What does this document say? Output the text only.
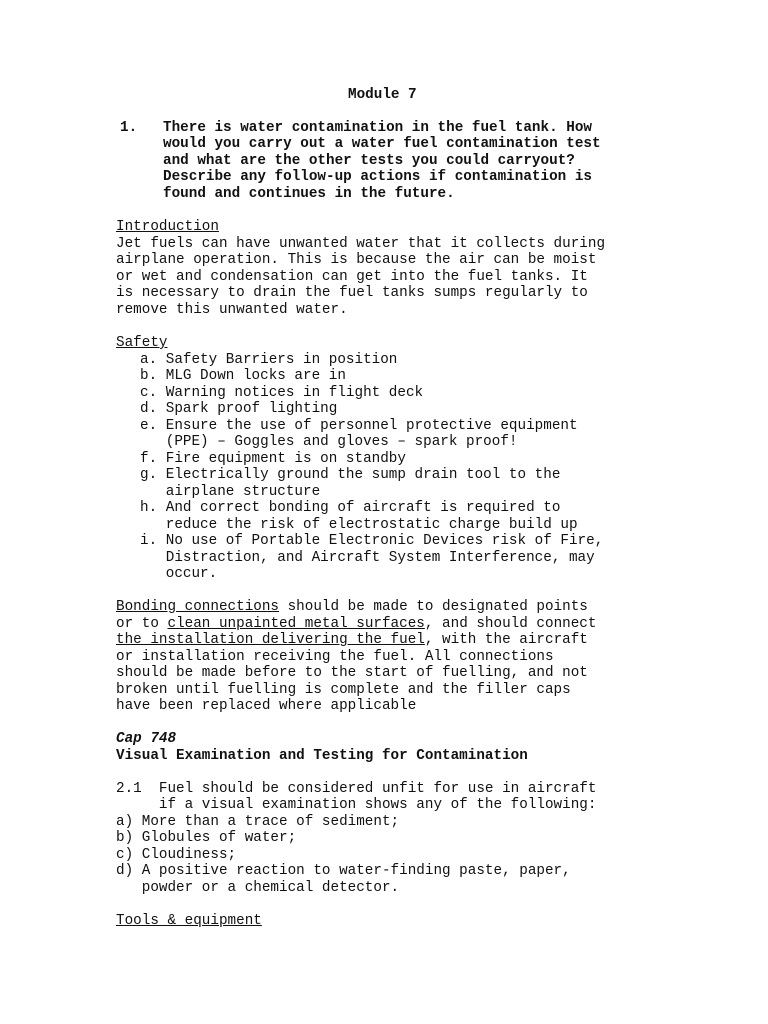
Module 7
1. There is water contamination in the fuel tank. How
would you carry out a water fuel contamination test
and what are the other tests you could carryout?
Describe any follow-up actions if contamination is
found and continues in the future.
Introduction
Jet fuels can have unwanted water that it collects during
airplane operation. This is because the air can be moist
or wet and condensation can get into the fuel tanks. It
is necessary to drain the fuel tanks sumps regularly to
remove this unwanted water.
Safety
a. Safety Barriers in position
b. MLG Down locks are in
c. Warning notices in flight deck
d. Spark proof lighting
e. Ensure the use of personnel protective equipment
(PPE) – Goggles and gloves – spark proof!
f. Fire equipment is on standby
g. Electrically ground the sump drain tool to the
airplane structure
h. And correct bonding of aircraft is required to
reduce the risk of electrostatic charge build up
i. No use of Portable Electronic Devices risk of Fire,
Distraction, and Aircraft System Interference, may
occur.
Bonding connections should be made to designated points
or to clean unpainted metal surfaces, and should connect
the installation delivering the fuel, with the aircraft
or installation receiving the fuel. All connections
should be made before to the start of fuelling, and not
broken until fuelling is complete and the filler caps
have been replaced where applicable
Cap 748
Visual Examination and Testing for Contamination
2.1  Fuel should be considered unfit for use in aircraft
if a visual examination shows any of the following:
a) More than a trace of sediment;
b) Globules of water;
c) Cloudiness;
d) A positive reaction to water-finding paste, paper,
powder or a chemical detector.
Tools & equipment
